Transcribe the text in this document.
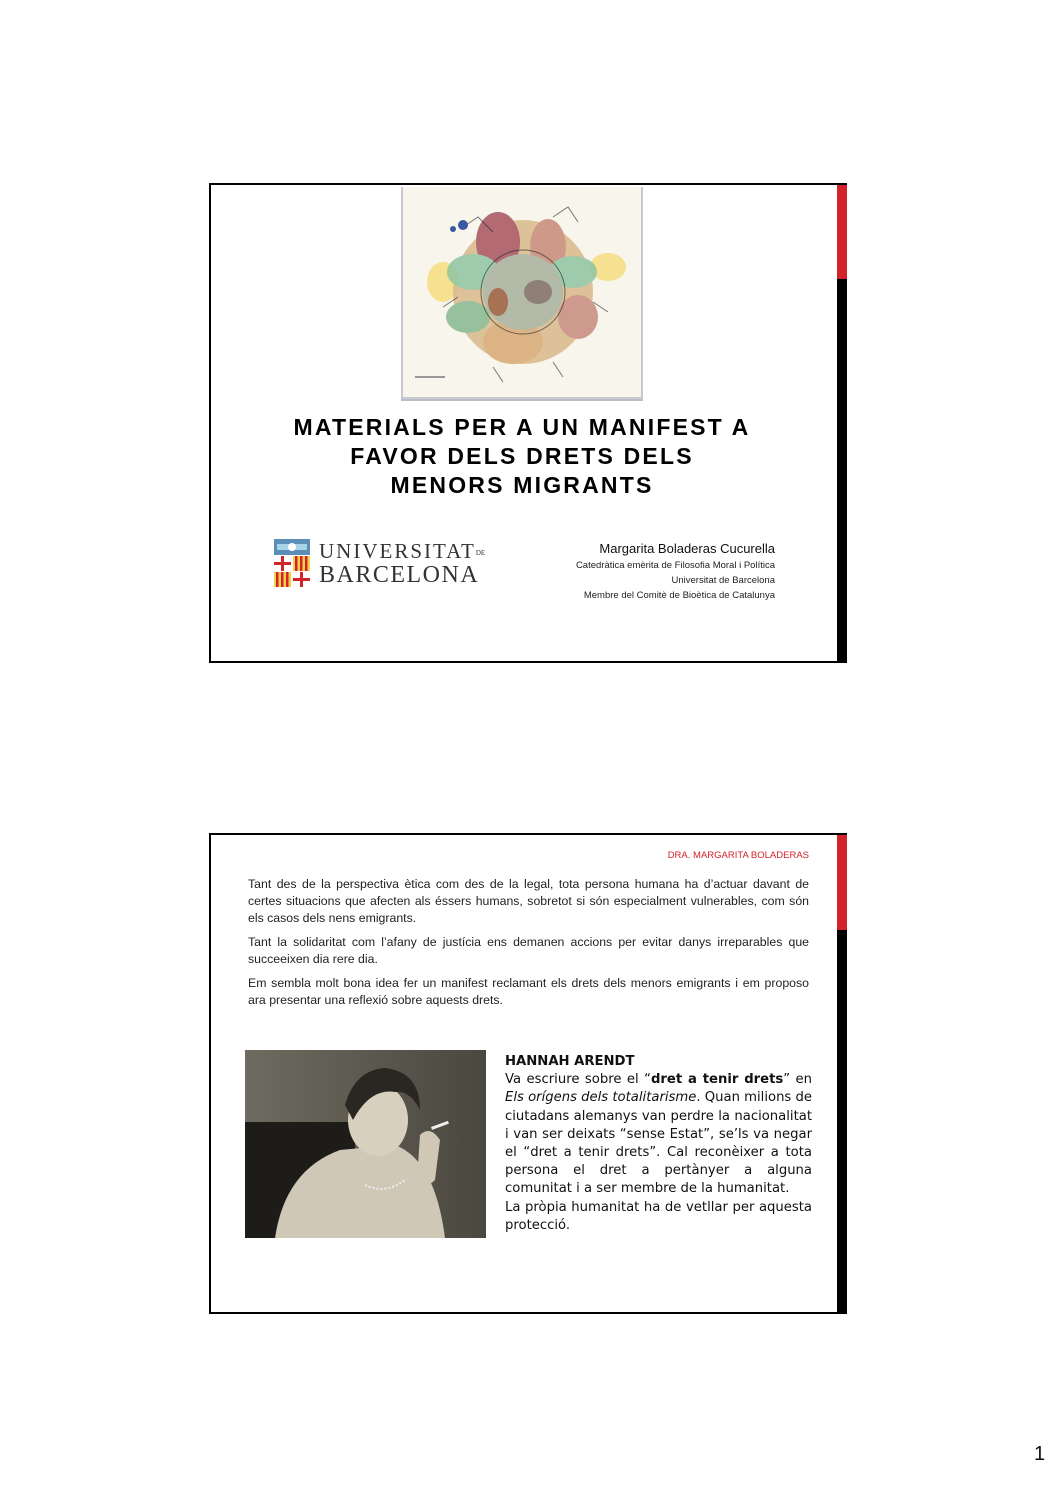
MATERIALS PER A UN MANIFEST A
FAVOR DELS DRETS DELS
MENORS MIGRANTS
UNIVERSITATDE
BARCELONA
Margarita Boladeras Cucurella
Catedràtica emèrita de Filosofia Moral i Política
Universitat de Barcelona
Membre del Comitè de Bioètica de Catalunya
DRA. MARGARITA BOLADERAS

Tant des de la perspectiva ètica com des de la legal, tota persona humana ha d’actuar davant de certes situacions que afecten als éssers humans, sobretot si són especialment vulnerables, com són els casos dels nens emigrants.

Tant la solidaritat com l’afany de justícia ens demanen accions per evitar danys irreparables que succeeixen dia rere dia.

Em sembla molt bona idea fer un manifest reclamant els drets dels menors emigrants i em proposo ara presentar una reflexió sobre aquests drets.

HANNAH ARENDT

Va escriure sobre el “dret a tenir drets” en Els orígens dels totalitarisme. Quan milions de ciutadans alemanys van perdre la nacionalitat i van ser deixats “sense Estat”, se’ls va negar el “dret a tenir drets”. Cal reconèixer a tota persona el dret a pertànyer a alguna comunitat i a ser membre de la humanitat.

La pròpia humanitat ha de vetllar per aquesta protecció.

1
